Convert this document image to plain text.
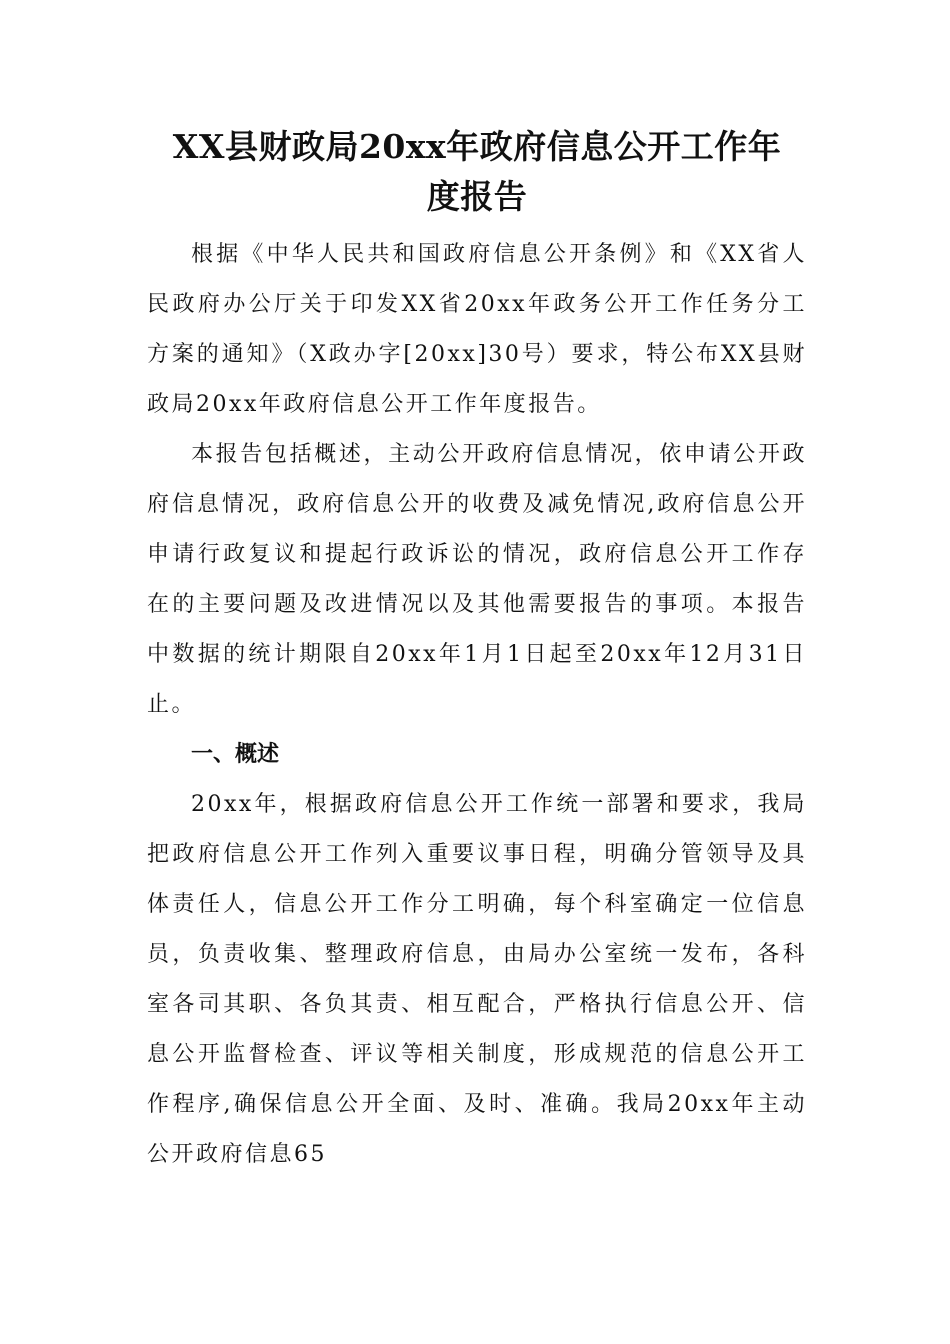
XX县财政局20xx年政府信息公开工作年
度报告

根据《中华人民共和国政府信息公开条例》和《XX省人民政府办公厅关于印发XX省20xx年政务公开工作任务分工方案的通知》（X政办字[20xx]30号）要求，特公布XX县财政局20xx年政府信息公开工作年度报告。

本报告包括概述，主动公开政府信息情况，依申请公开政府信息情况，政府信息公开的收费及减免情况,政府信息公开申请行政复议和提起行政诉讼的情况，政府信息公开工作存在的主要问题及改进情况以及其他需要报告的事项。本报告中数据的统计期限自20xx年1月1日起至20xx年12月31日止。

一、概述

20xx年，根据政府信息公开工作统一部署和要求，我局把政府信息公开工作列入重要议事日程，明确分管领导及具体责任人，信息公开工作分工明确，每个科室确定一位信息员，负责收集、整理政府信息，由局办公室统一发布，各科室各司其职、各负其责、相互配合，严格执行信息公开、信息公开监督检查、评议等相关制度，形成规范的信息公开工作程序,确保信息公开全面、及时、准确。我局20xx年主动公开政府信息65
